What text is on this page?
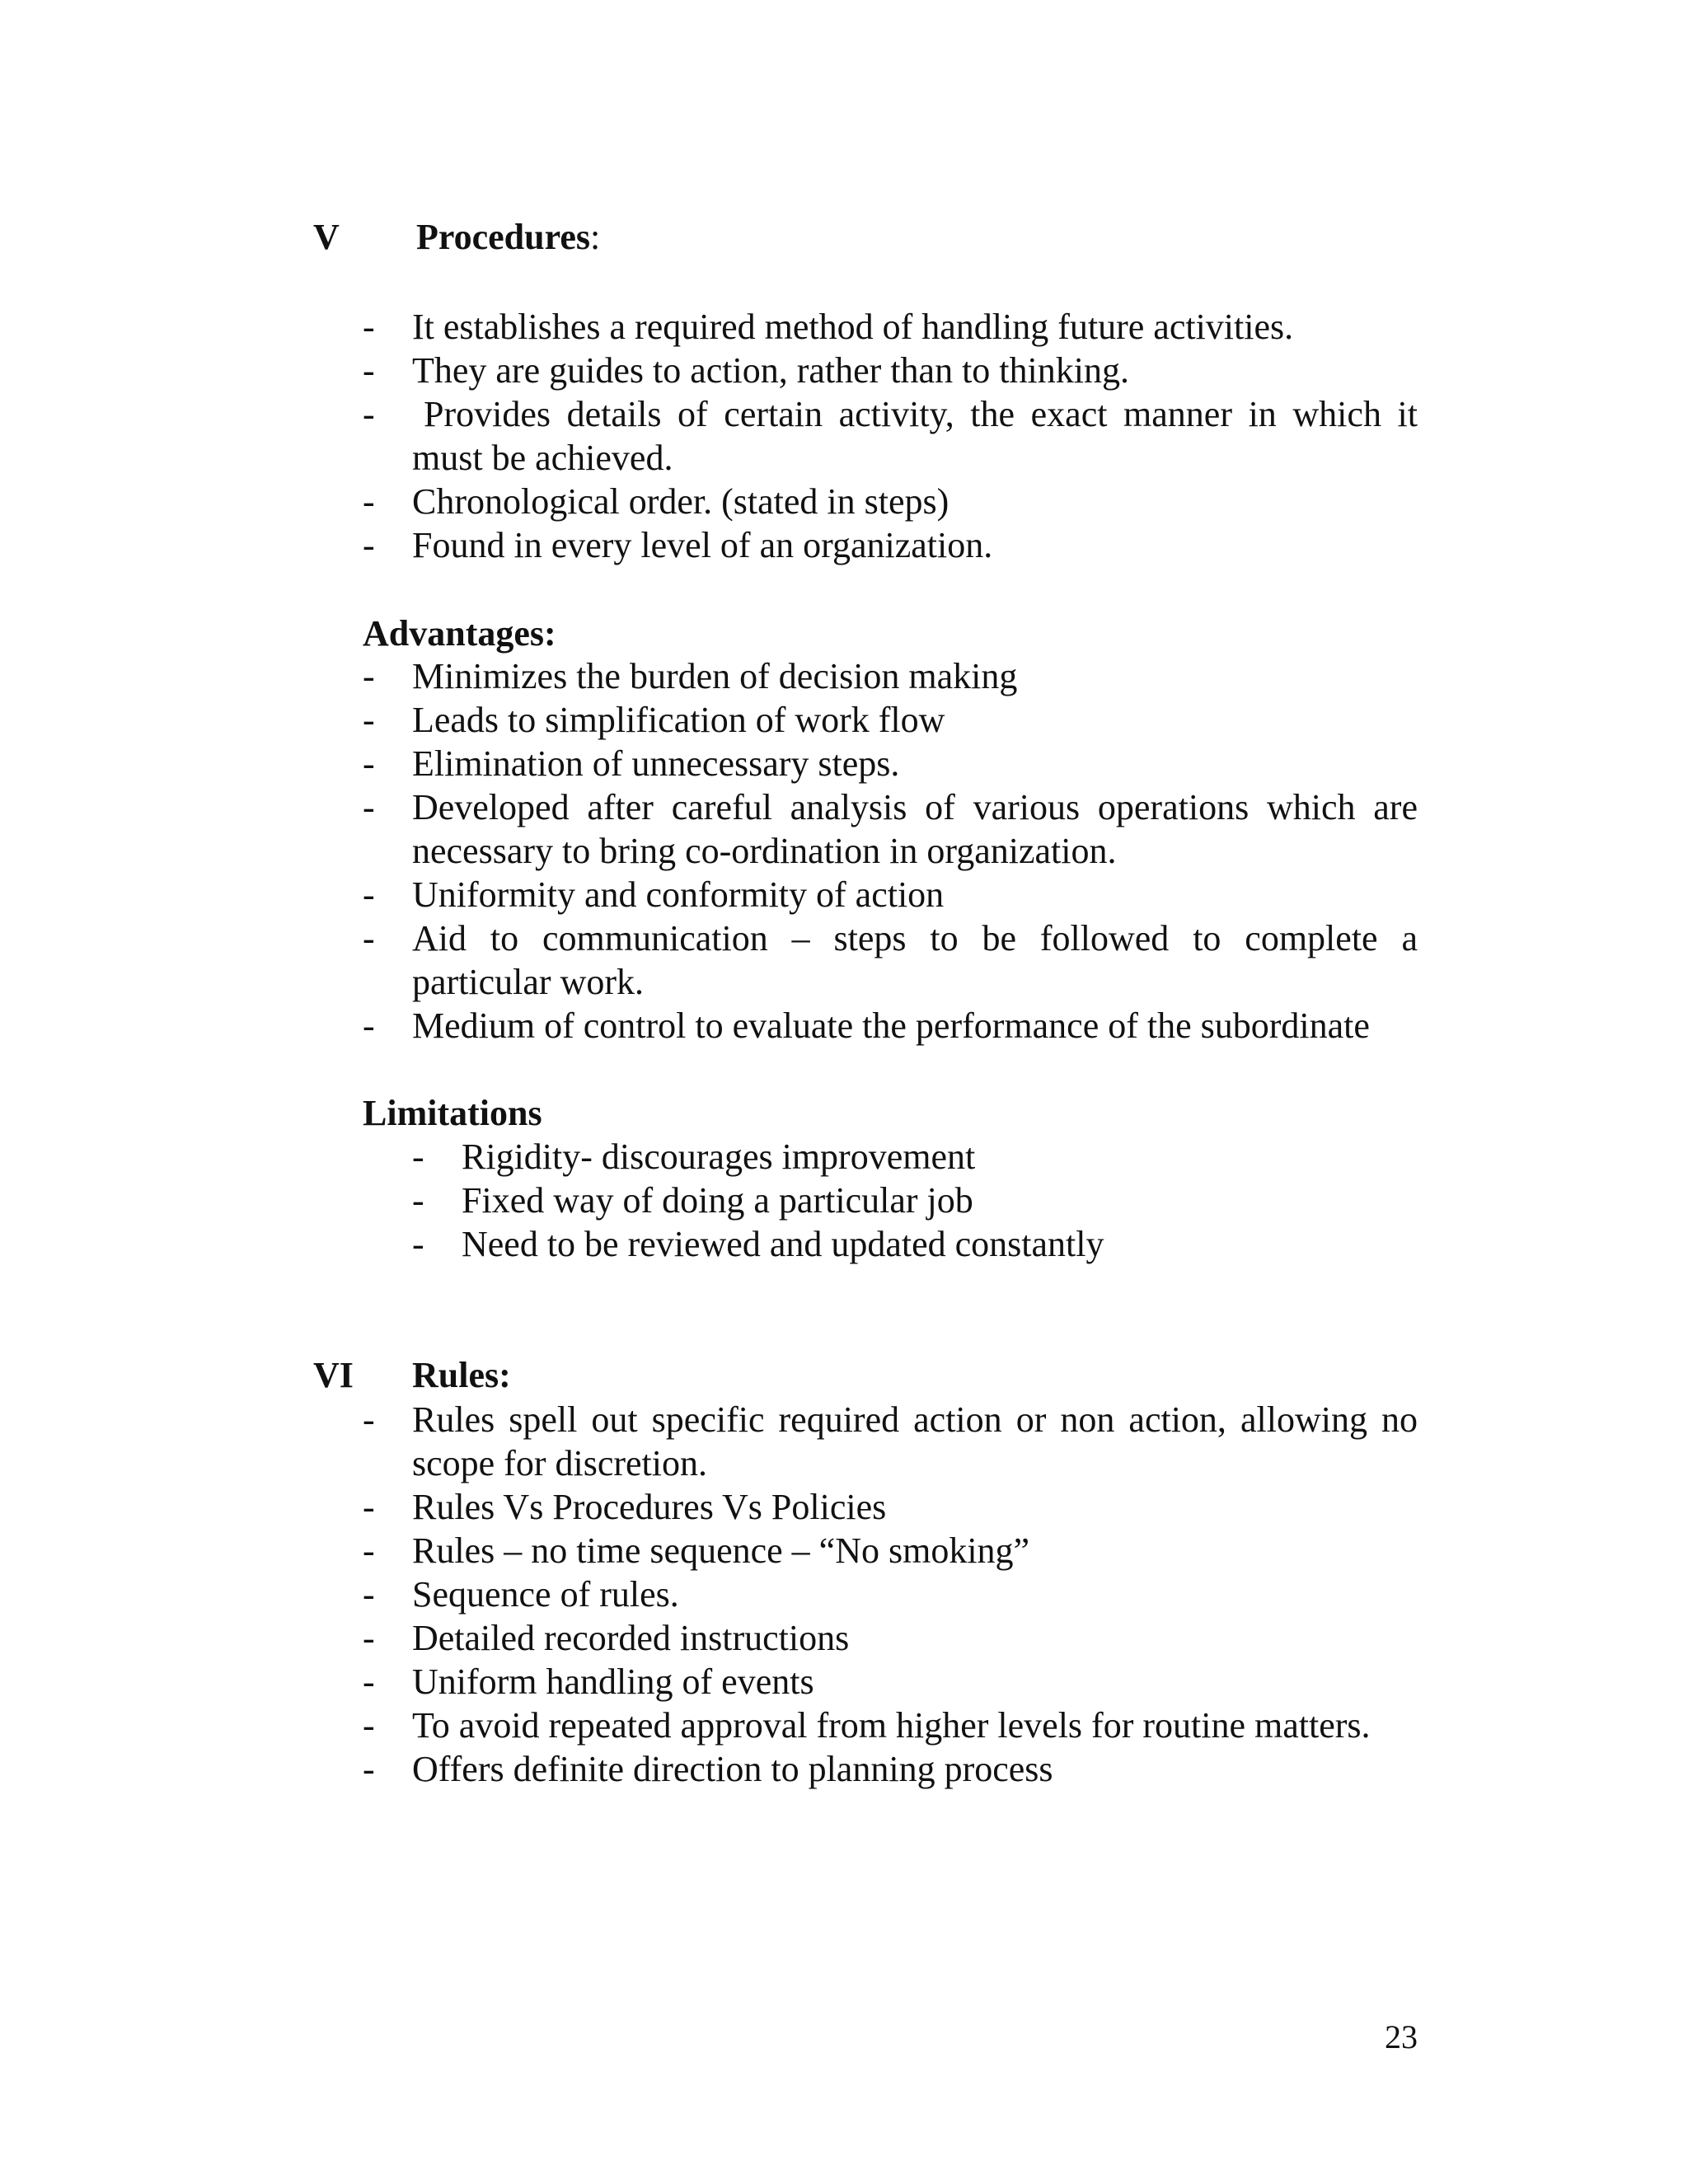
V Procedures:
- It establishes a required method of handling future activities.
- They are guides to action, rather than to thinking.
- Provides details of certain activity, the exact manner in which it must be achieved.
- Chronological order. (stated in steps)
- Found in every level of an organization.
Advantages:
- Minimizes the burden of decision making
- Leads to simplification of work flow
- Elimination of unnecessary steps.
- Developed after careful analysis of various operations which are necessary to bring co-ordination in organization.
- Uniformity and conformity of action
- Aid to communication – steps to be followed to complete a particular work.
- Medium of control to evaluate the performance of the subordinate
Limitations
- Rigidity- discourages improvement
- Fixed way of doing a particular job
- Need to be reviewed and updated constantly
VI Rules:
- Rules spell out specific required action or non action, allowing no scope for discretion.
- Rules Vs Procedures Vs Policies
- Rules – no time sequence – “No smoking”
- Sequence of rules.
- Detailed recorded instructions
- Uniform handling of events
- To avoid repeated approval from higher levels for routine matters.
- Offers definite direction to planning process
23
